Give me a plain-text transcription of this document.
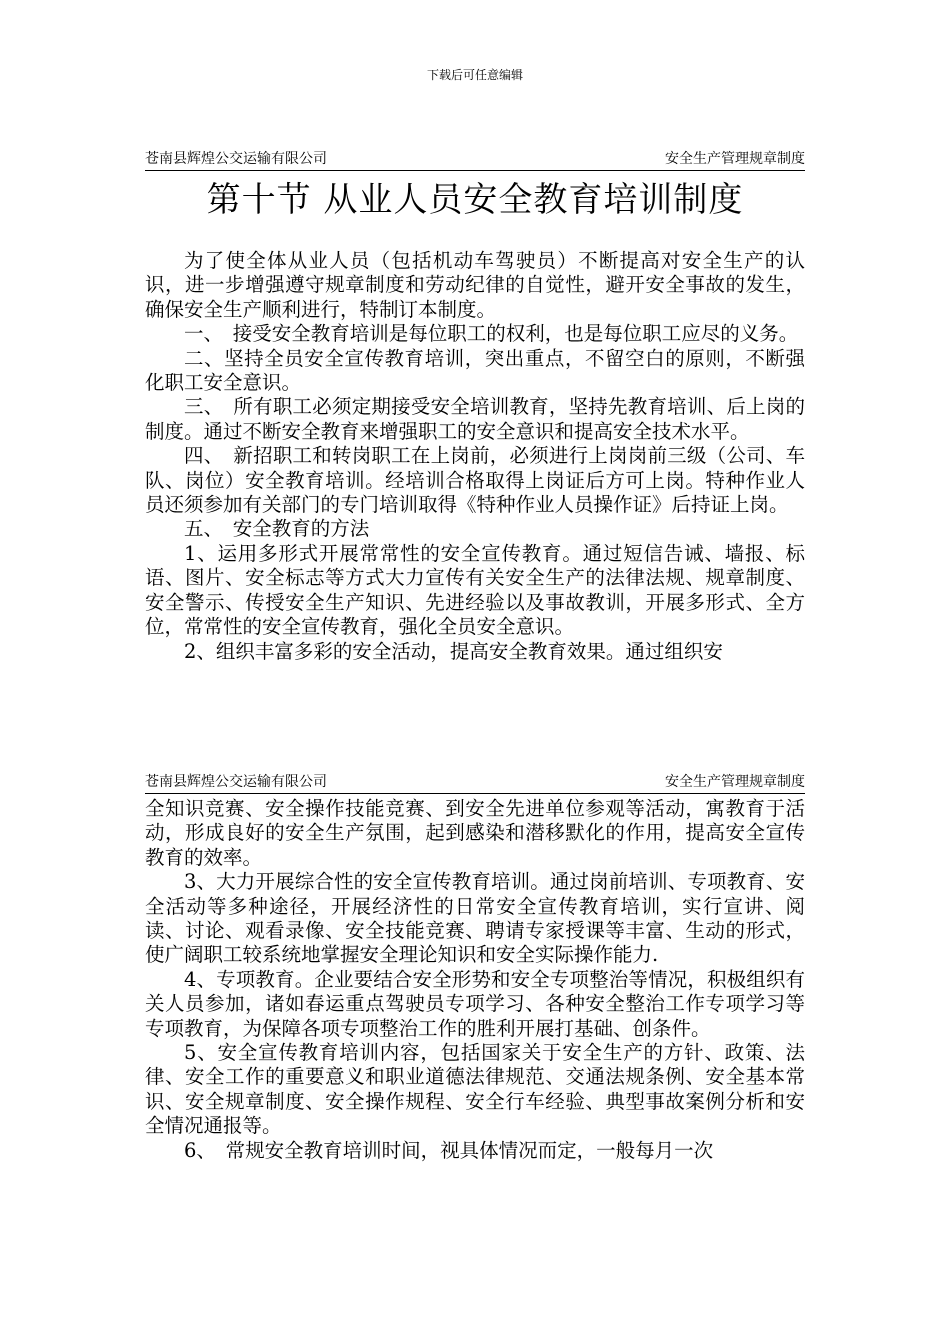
下载后可任意编辑
苍南县辉煌公交运输有限公司	安全生产管理规章制度
第十节 从业人员安全教育培训制度

为了使全体从业人员（包括机动车驾驶员）不断提高对安全生产的认识，进一步增强遵守规章制度和劳动纪律的自觉性，避开安全事故的发生，确保安全生产顺利进行，特制订本制度。

一、　接受安全教育培训是每位职工的权利，也是每位职工应尽的义务。

二、坚持全员安全宣传教育培训，突出重点，不留空白的原则，不断强化职工安全意识。

三、　所有职工必须定期接受安全培训教育，坚持先教育培训、后上岗的制度。通过不断安全教育来增强职工的安全意识和提高安全技术水平。

四、　新招职工和转岗职工在上岗前，必须进行上岗岗前三级（公司、车队、岗位）安全教育培训。经培训合格取得上岗证后方可上岗。特种作业人员还须参加有关部门的专门培训取得《特种作业人员操作证》后持证上岗。

五、　安全教育的方法

1、运用多形式开展常常性的安全宣传教育。通过短信告诫、墙报、标语、图片、安全标志等方式大力宣传有关安全生产的法律法规、规章制度、安全警示、传授安全生产知识、先进经验以及事故教训，开展多形式、全方位，常常性的安全宣传教育，强化全员安全意识。

2、组织丰富多彩的安全活动，提高安全教育效果。通过组织安

苍南县辉煌公交运输有限公司	安全生产管理规章制度

全知识竞赛、安全操作技能竞赛、到安全先进单位参观等活动，寓教育于活动，形成良好的安全生产氛围，起到感染和潜移默化的作用，提高安全宣传教育的效率。

3、大力开展综合性的安全宣传教育培训。通过岗前培训、专项教育、安全活动等多种途径，开展经济性的日常安全宣传教育培训，实行宣讲、阅读、讨论、观看录像、安全技能竞赛、聘请专家授课等丰富、生动的形式，使广阔职工较系统地掌握安全理论知识和安全实际操作能力.

4、专项教育。企业要结合安全形势和安全专项整治等情况，积极组织有关人员参加，诸如春运重点驾驶员专项学习、各种安全整治工作专项学习等专项教育，为保障各项专项整治工作的胜利开展打基础、创条件。

5、安全宣传教育培训内容，包括国家关于安全生产的方针、政策、法律、安全工作的重要意义和职业道德法律规范、交通法规条例、安全基本常识、安全规章制度、安全操作规程、安全行车经验、典型事故案例分析和安全情况通报等。

6、　常规安全教育培训时间，视具体情况而定，一般每月一次
